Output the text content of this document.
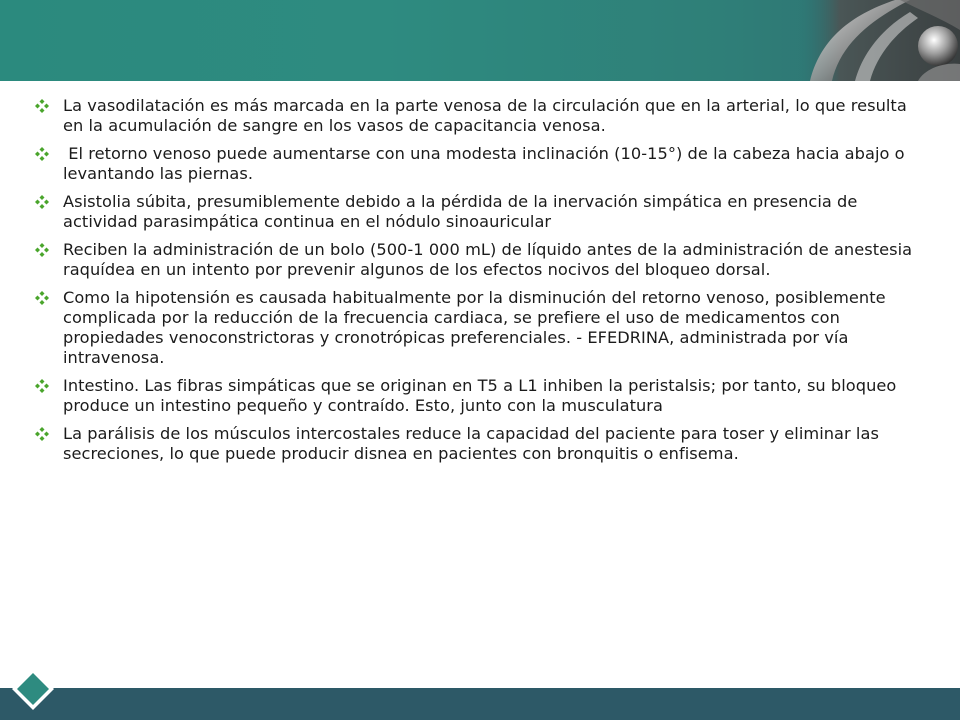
La vasodilatación es más marcada en la parte venosa de la circulación que en la arterial, lo que resulta en la acumulación de sangre en los vasos de capacitancia venosa.
El retorno venoso puede aumentarse con una modesta inclinación (10-15°) de la cabeza hacia abajo o levantando las piernas.
Asistolia súbita, presumiblemente debido a la pérdida de la inervación simpática en presencia de actividad parasimpática continua en el nódulo sinoauricular
Reciben la administración de un bolo (500-1 000 mL) de líquido antes de la administración de anestesia raquídea en un intento por prevenir algunos de los efectos nocivos del bloqueo dorsal.
Como la hipotensión es causada habitualmente por la disminución del retorno venoso, posiblemente complicada por la reducción de la frecuencia cardiaca, se prefiere el uso de medicamentos con propiedades venoconstrictoras y cronotrópicas preferenciales. - EFEDRINA, administrada por vía intravenosa.
Intestino. Las fibras simpáticas que se originan en T5 a L1 inhiben la peristalsis; por tanto, su bloqueo produce un intestino pequeño y contraído. Esto, junto con la musculatura
La parálisis de los músculos intercostales reduce la capacidad del paciente para toser y eliminar las secreciones, lo que puede producir disnea en pacientes con bronquitis o enfisema.
